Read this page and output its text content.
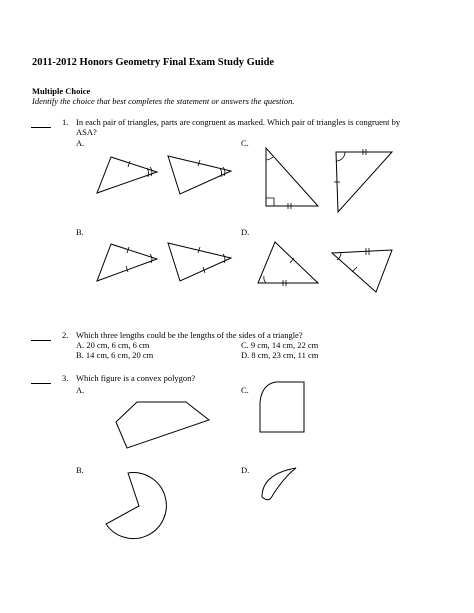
2011-2012 Honors Geometry Final Exam Study Guide
Multiple Choice
Identify the choice that best completes the statement or answers the question.
1. In each pair of triangles, parts are congruent as marked. Which pair of triangles is congruent by
ASA?
A.	C.
B.	D.
2. Which three lengths could be the lengths of the sides of a triangle?
A. 20 cm, 6 cm, 6 cm	C. 9 cm, 14 cm, 22 cm
B. 14 cm, 6 cm, 20 cm	D. 8 cm, 23 cm, 11 cm
3. Which figure is a convex polygon?
A.	C.
B.	D.
